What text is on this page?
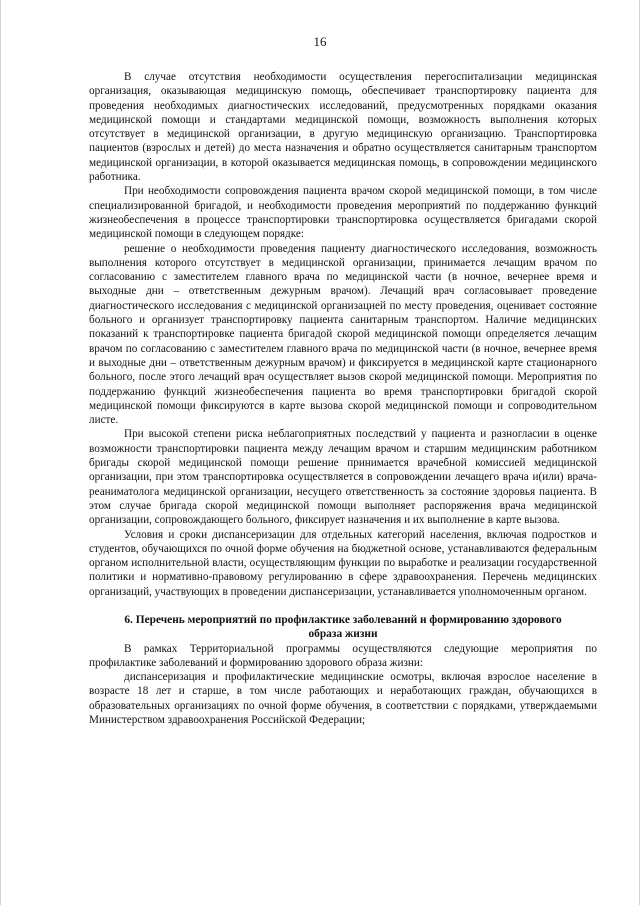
16

В случае отсутствия необходимости осуществления перегоспитализации медицинская организация, оказывающая медицинскую помощь, обеспечивает транспортировку пациента для проведения необходимых диагностических исследований, предусмотренных порядками оказания медицинской помощи и стандартами медицинской помощи, возможность выполнения которых отсутствует в медицинской организации, в другую медицинскую организацию. Транспортировка пациентов (взрослых и детей) до места назначения и обратно осуществляется санитарным транспортом медицинской организации, в которой оказывается медицинская помощь, в сопровождении медицинского работника.

При необходимости сопровождения пациента врачом скорой медицинской помощи, в том числе специализированной бригадой, и необходимости проведения мероприятий по поддержанию функций жизнеобеспечения в процессе транспортировки транспортировка осуществляется бригадами скорой медицинской помощи в следующем порядке:

решение о необходимости проведения пациенту диагностического исследования, возможность выполнения которого отсутствует в медицинской организации, принимается лечащим врачом по согласованию с заместителем главного врача по медицинской части (в ночное, вечернее время и выходные дни – ответственным дежурным врачом). Лечащий врач согласовывает проведение диагностического исследования с медицинской организацией по месту проведения, оценивает состояние больного и организует транспортировку пациента санитарным транспортом. Наличие медицинских показаний к транспортировке пациента бригадой скорой медицинской помощи определяется лечащим врачом по согласованию с заместителем главного врача по медицинской части (в ночное, вечернее время и выходные дни – ответственным дежурным врачом) и фиксируется в медицинской карте стационарного больного, после этого лечащий врач осуществляет вызов скорой медицинской помощи. Мероприятия по поддержанию функций жизнеобеспечения пациента во время транспортировки бригадой скорой медицинской помощи фиксируются в карте вызова скорой медицинской помощи и сопроводительном листе.

При высокой степени риска неблагоприятных последствий у пациента и разногласии в оценке возможности транспортировки пациента между лечащим врачом и старшим медицинским работником бригады скорой медицинской помощи решение принимается врачебной комиссией медицинской организации, при этом транспортировка осуществляется в сопровождении лечащего врача и(или) врача-реаниматолога медицинской организации, несущего ответственность за состояние здоровья пациента. В этом случае бригада скорой медицинской помощи выполняет распоряжения врача медицинской организации, сопровождающего больного, фиксирует назначения и их выполнение в карте вызова.

Условия и сроки диспансеризации для отдельных категорий населения, включая подростков и студентов, обучающихся по очной форме обучения на бюджетной основе, устанавливаются федеральным органом исполнительной власти, осуществляющим функции по выработке и реализации государственной политики и нормативно-правовому регулированию в сфере здравоохранения. Перечень медицинских организаций, участвующих в проведении диспансеризации, устанавливается уполномоченным органом.

6. Перечень мероприятий по профилактике заболеваний и формированию здорового образа жизни

В рамках Территориальной программы осуществляются следующие мероприятия по профилактике заболеваний и формированию здорового образа жизни:

диспансеризация и профилактические медицинские осмотры, включая взрослое население в возрасте 18 лет и старше, в том числе работающих и неработающих граждан, обучающихся в образовательных организациях по очной форме обучения, в соответствии с порядками, утверждаемыми Министерством здравоохранения Российской Федерации;
